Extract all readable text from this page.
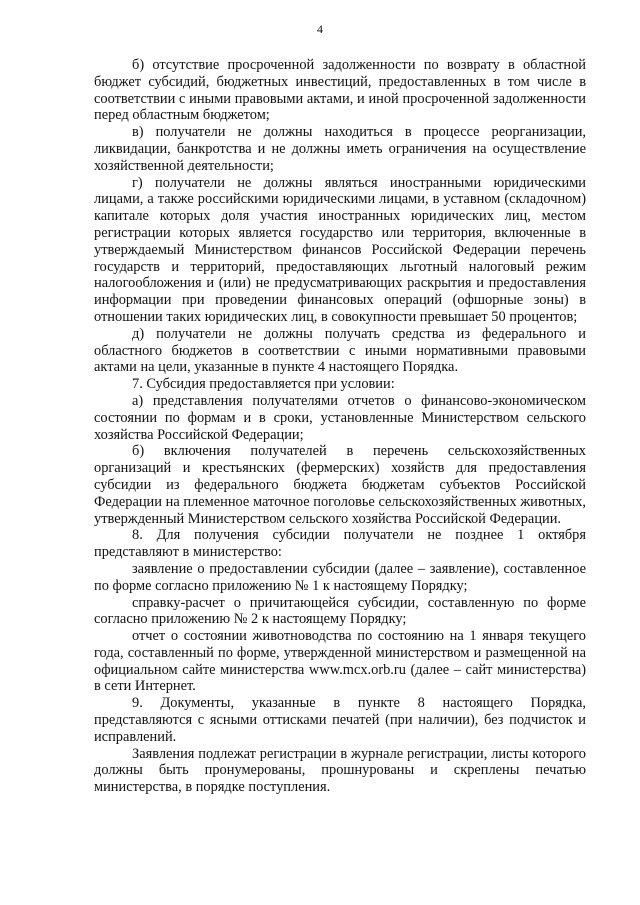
4

б) отсутствие просроченной задолженности по возврату в областной бюджет субсидий, бюджетных инвестиций, предоставленных в том числе в соответствии с иными правовыми актами, и иной просроченной задолженности перед областным бюджетом;

в) получатели не должны находиться в процессе реорганизации, ликвидации, банкротства и не должны иметь ограничения на осуществление хозяйственной деятельности;

г) получатели не должны являться иностранными юридическими лицами, а также российскими юридическими лицами, в уставном (складочном) капитале которых доля участия иностранных юридических лиц, местом регистрации которых является государство или территория, включенные в утверждаемый Министерством финансов Российской Федерации перечень государств и территорий, предоставляющих льготный налоговый режим налогообложения и (или) не предусматривающих раскрытия и предоставления информации при проведении финансовых операций (офшорные зоны) в отношении таких юридических лиц, в совокупности превышает 50 процентов;

д) получатели не должны получать средства из федерального и областного бюджетов в соответствии с иными нормативными правовыми актами на цели, указанные в пункте 4 настоящего Порядка.

7. Субсидия предоставляется при условии:

а) представления получателями отчетов о финансово-экономическом состоянии по формам и в сроки, установленные Министерством сельского хозяйства Российской Федерации;

б) включения получателей в перечень сельскохозяйственных организаций и крестьянских (фермерских) хозяйств для предоставления субсидии из федерального бюджета бюджетам субъектов Российской Федерации на племенное маточное поголовье сельскохозяйственных животных, утвержденный Министерством сельского хозяйства Российской Федерации.

8. Для получения субсидии получатели не позднее 1 октября представляют в министерство:

заявление о предоставлении субсидии (далее – заявление), составленное по форме согласно приложению № 1 к настоящему Порядку;

справку-расчет о причитающейся субсидии, составленную по форме согласно приложению № 2 к настоящему Порядку;

отчет о состоянии животноводства по состоянию на 1 января текущего года, составленный по форме, утвержденной министерством и размещенной на официальном сайте министерства www.mcx.orb.ru (далее – сайт министерства) в сети Интернет.

9. Документы, указанные в пункте 8 настоящего Порядка, представляются с ясными оттисками печатей (при наличии), без подчисток и исправлений.

Заявления подлежат регистрации в журнале регистрации, листы которого должны быть пронумерованы, прошнурованы и скреплены печатью министерства, в порядке поступления.
